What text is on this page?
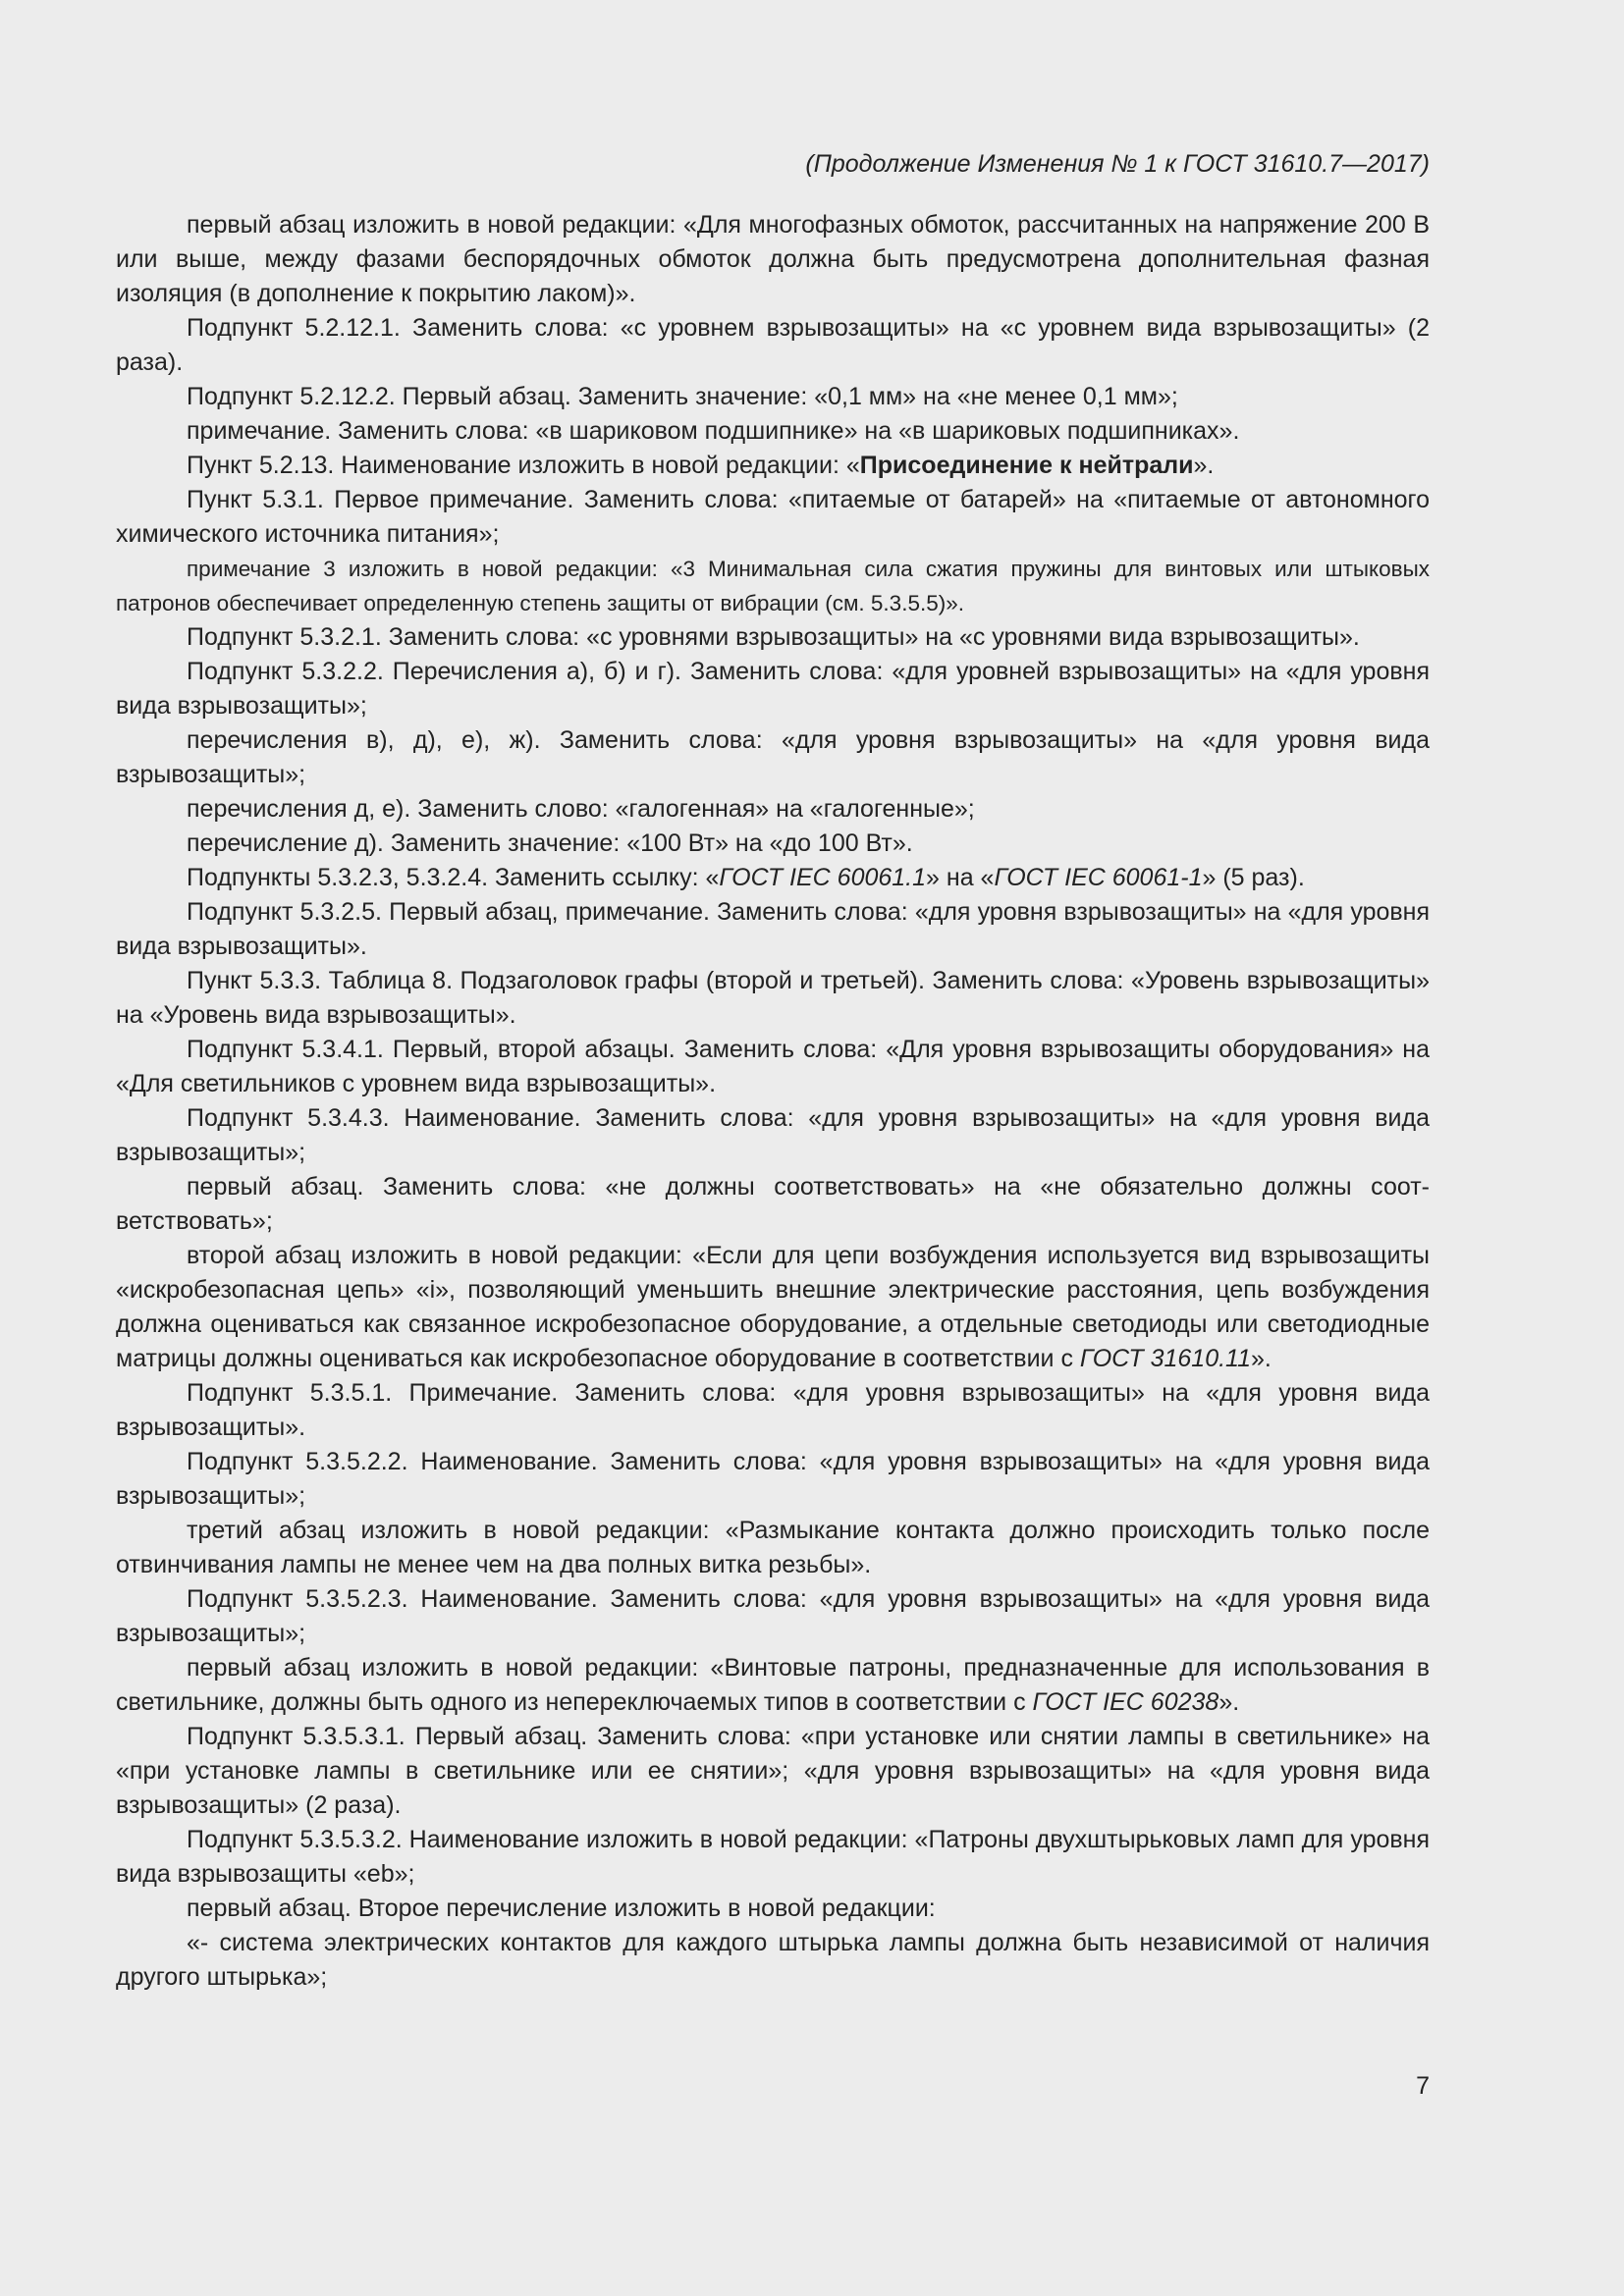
(Продолжение Изменения № 1 к ГОСТ 31610.7—2017)

первый абзац изложить в новой редакции: «Для многофазных обмоток, рассчитанных на напряжение 200 В или выше, между фазами беспорядочных обмоток должна быть предусмотрена дополнительная фазная изоляция (в дополнение к покрытию лаком)».

Подпункт 5.2.12.1. Заменить слова: «с уровнем взрывозащиты» на «с уровнем вида взрывозащиты» (2 раза).

Подпункт 5.2.12.2. Первый абзац. Заменить значение: «0,1 мм» на «не менее 0,1 мм»;

примечание. Заменить слова: «в шариковом подшипнике» на «в шариковых подшипниках».

Пункт 5.2.13. Наименование изложить в новой редакции: «Присоединение к нейтрали».

Пункт 5.3.1. Первое примечание. Заменить слова: «питаемые от батарей» на «питаемые от автономного химического источника питания»;

примечание 3 изложить в новой редакции: «3 Минимальная сила сжатия пружины для винтовых или штыковых патронов обеспечивает определенную степень защиты от вибрации (см. 5.3.5.5)».

Подпункт 5.3.2.1. Заменить слова: «с уровнями взрывозащиты» на «с уровнями вида взрывозащиты».

Подпункт 5.3.2.2. Перечисления а), б) и г). Заменить слова: «для уровней взрывозащиты» на «для уровня вида взрывозащиты»;

перечисления в), д), е), ж). Заменить слова: «для уровня взрывозащиты» на «для уровня вида взрывозащиты»;

перечисления д, е). Заменить слово: «галогенная» на «галогенные»;

перечисление д). Заменить значение: «100 Вт» на «до 100 Вт».

Подпункты 5.3.2.3, 5.3.2.4. Заменить ссылку: «ГОСТ IEC 60061.1» на «ГОСТ IEC 60061-1» (5 раз).

Подпункт 5.3.2.5. Первый абзац, примечание. Заменить слова: «для уровня взрывозащиты» на «для уровня вида взрывозащиты».

Пункт 5.3.3. Таблица 8. Подзаголовок графы (второй и третьей). Заменить слова: «Уровень взрывозащиты» на «Уровень вида взрывозащиты».

Подпункт 5.3.4.1. Первый, второй абзацы. Заменить слова: «Для уровня взрывозащиты оборудования» на «Для светильников с уровнем вида взрывозащиты».

Подпункт 5.3.4.3. Наименование. Заменить слова: «для уровня взрывозащиты» на «для уровня вида взрывозащиты»;

первый абзац. Заменить слова: «не должны соответствовать» на «не обязательно должны соответствовать»;

второй абзац изложить в новой редакции: «Если для цепи возбуждения используется вид взрывозащиты «искробезопасная цепь» «i», позволяющий уменьшить внешние электрические расстояния, цепь возбуждения должна оцениваться как связанное искробезопасное оборудование, а отдельные светодиоды или светодиодные матрицы должны оцениваться как искробезопасное оборудование в соответствии с ГОСТ 31610.11».

Подпункт 5.3.5.1. Примечание. Заменить слова: «для уровня взрывозащиты» на «для уровня вида взрывозащиты».

Подпункт 5.3.5.2.2. Наименование. Заменить слова: «для уровня взрывозащиты» на «для уровня вида взрывозащиты»;

третий абзац изложить в новой редакции: «Размыкание контакта должно происходить только после отвинчивания лампы не менее чем на два полных витка резьбы».

Подпункт 5.3.5.2.3. Наименование. Заменить слова: «для уровня взрывозащиты» на «для уровня вида взрывозащиты»;

первый абзац изложить в новой редакции: «Винтовые патроны, предназначенные для использования в светильнике, должны быть одного из непереключаемых типов в соответствии с ГОСТ IEC 60238».

Подпункт 5.3.5.3.1. Первый абзац. Заменить слова: «при установке или снятии лампы в светильнике» на «при установке лампы в светильнике или ее снятии»; «для уровня взрывозащиты» на «для уровня вида взрывозащиты» (2 раза).

Подпункт 5.3.5.3.2. Наименование изложить в новой редакции: «Патроны двухштырьковых ламп для уровня вида взрывозащиты «eb»;

первый абзац. Второе перечисление изложить в новой редакции:

«- система электрических контактов для каждого штырька лампы должна быть независимой от наличия другого штырька»;

7
